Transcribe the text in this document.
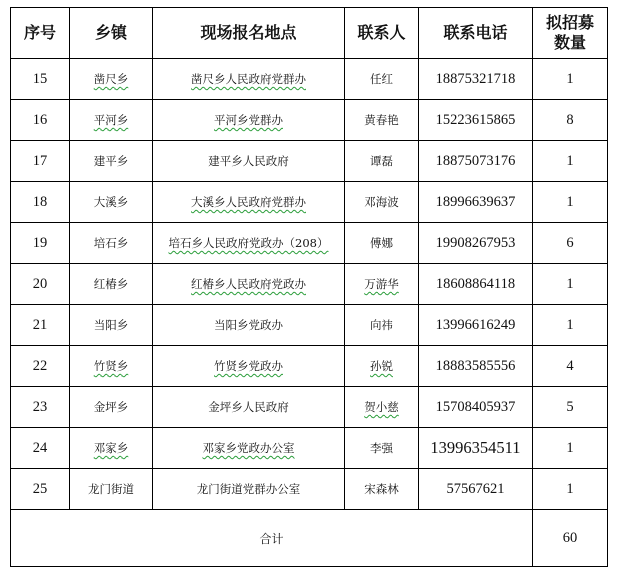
序号	乡镇	现场报名地点	联系人	联系电话	拟招募
数量
15	凿尺乡	凿尺乡人民政府党群办	任红	18875321718	1
16	平河乡	平河乡党群办	黄春艳	15223615865	8
17	建平乡	建平乡人民政府	谭磊	18875073176	1
18	大溪乡	大溪乡人民政府党群办	邓海波	18996639637	1
19	培石乡	培石乡人民政府党政办（208）	傅娜	19908267953	6
20	红椿乡	红椿乡人民政府党政办	万游华	18608864118	1
21	当阳乡	当阳乡党政办	向祎	13996616249	1
22	竹贤乡	竹贤乡党政办	孙锐	18883585556	4
23	金坪乡	金坪乡人民政府	贺小慈	15708405937	5
24	邓家乡	邓家乡党政办公室	李强	13996354511	1
25	龙门街道	龙门街道党群办公室	宋森林	57567621	1
合计					60
